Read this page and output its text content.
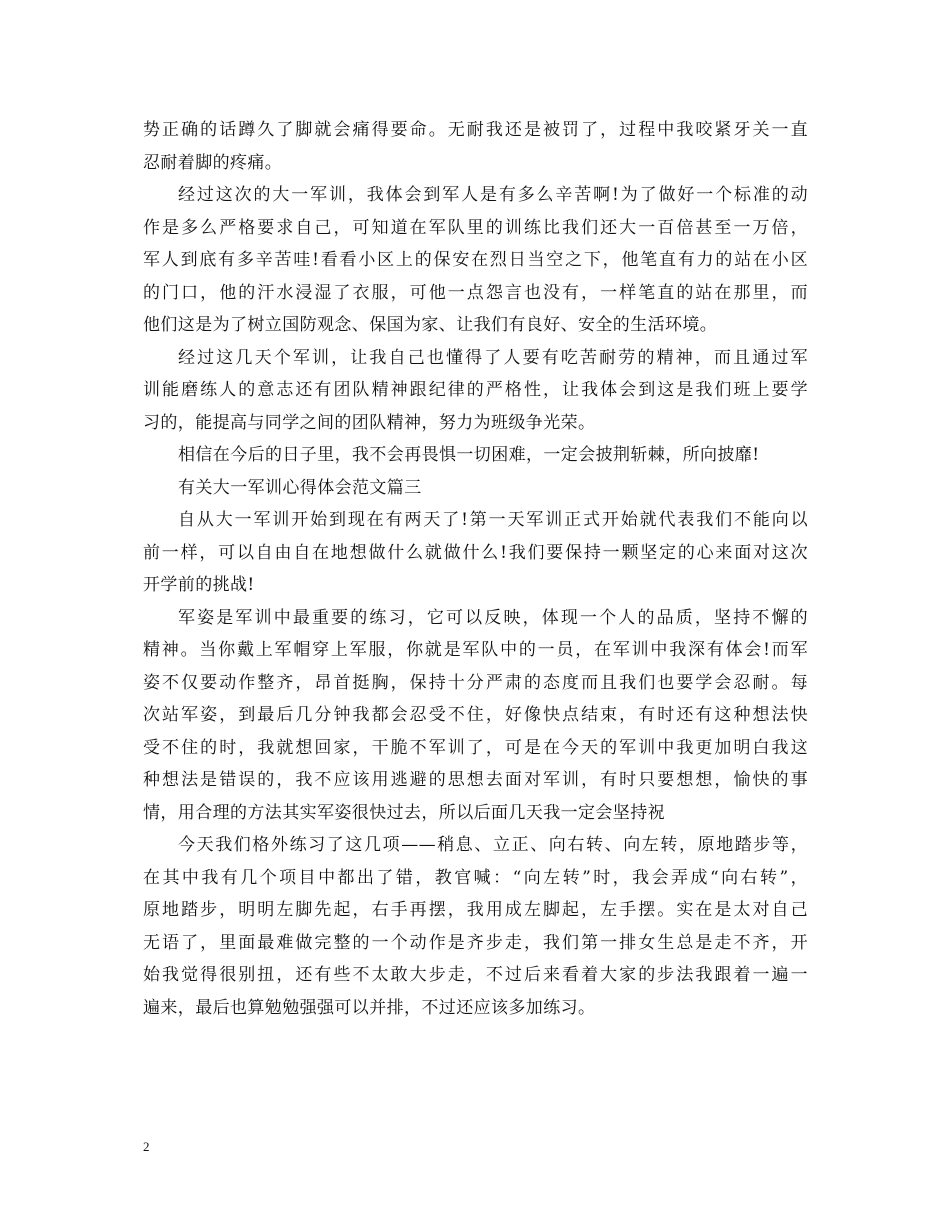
势正确的话蹲久了脚就会痛得要命。无耐我还是被罚了，过程中我咬紧牙关一直
忍耐着脚的疼痛。
经过这次的大一军训，我体会到军人是有多么辛苦啊!为了做好一个标准的动
作是多么严格要求自己，可知道在军队里的训练比我们还大一百倍甚至一万倍，
军人到底有多辛苦哇!看看小区上的保安在烈日当空之下，他笔直有力的站在小区
的门口，他的汗水浸湿了衣服，可他一点怨言也没有，一样笔直的站在那里，而
他们这是为了树立国防观念、保国为家、让我们有良好、安全的生活环境。
经过这几天个军训，让我自己也懂得了人要有吃苦耐劳的精神，而且通过军
训能磨练人的意志还有团队精神跟纪律的严格性，让我体会到这是我们班上要学
习的，能提高与同学之间的团队精神，努力为班级争光荣。
相信在今后的日子里，我不会再畏惧一切困难，一定会披荆斩棘，所向披靡!
有关大一军训心得体会范文篇三
自从大一军训开始到现在有两天了!第一天军训正式开始就代表我们不能向以
前一样，可以自由自在地想做什么就做什么!我们要保持一颗坚定的心来面对这次
开学前的挑战!
军姿是军训中最重要的练习，它可以反映，体现一个人的品质，坚持不懈的
精神。当你戴上军帽穿上军服，你就是军队中的一员，在军训中我深有体会!而军
姿不仅要动作整齐，昂首挺胸，保持十分严肃的态度而且我们也要学会忍耐。每
次站军姿，到最后几分钟我都会忍受不住，好像快点结束，有时还有这种想法快
受不住的时，我就想回家，干脆不军训了，可是在今天的军训中我更加明白我这
种想法是错误的，我不应该用逃避的思想去面对军训，有时只要想想，愉快的事
情，用合理的方法其实军姿很快过去，所以后面几天我一定会坚持祝
今天我们格外练习了这几项——稍息、立正、向右转、向左转，原地踏步等，
在其中我有几个项目中都出了错，教官喊：“向左转”时，我会弄成“向右转”，
原地踏步，明明左脚先起，右手再摆，我用成左脚起，左手摆。实在是太对自己
无语了，里面最难做完整的一个动作是齐步走，我们第一排女生总是走不齐，开
始我觉得很别扭，还有些不太敢大步走，不过后来看着大家的步法我跟着一遍一
遍来，最后也算勉勉强强可以并排，不过还应该多加练习。
2
